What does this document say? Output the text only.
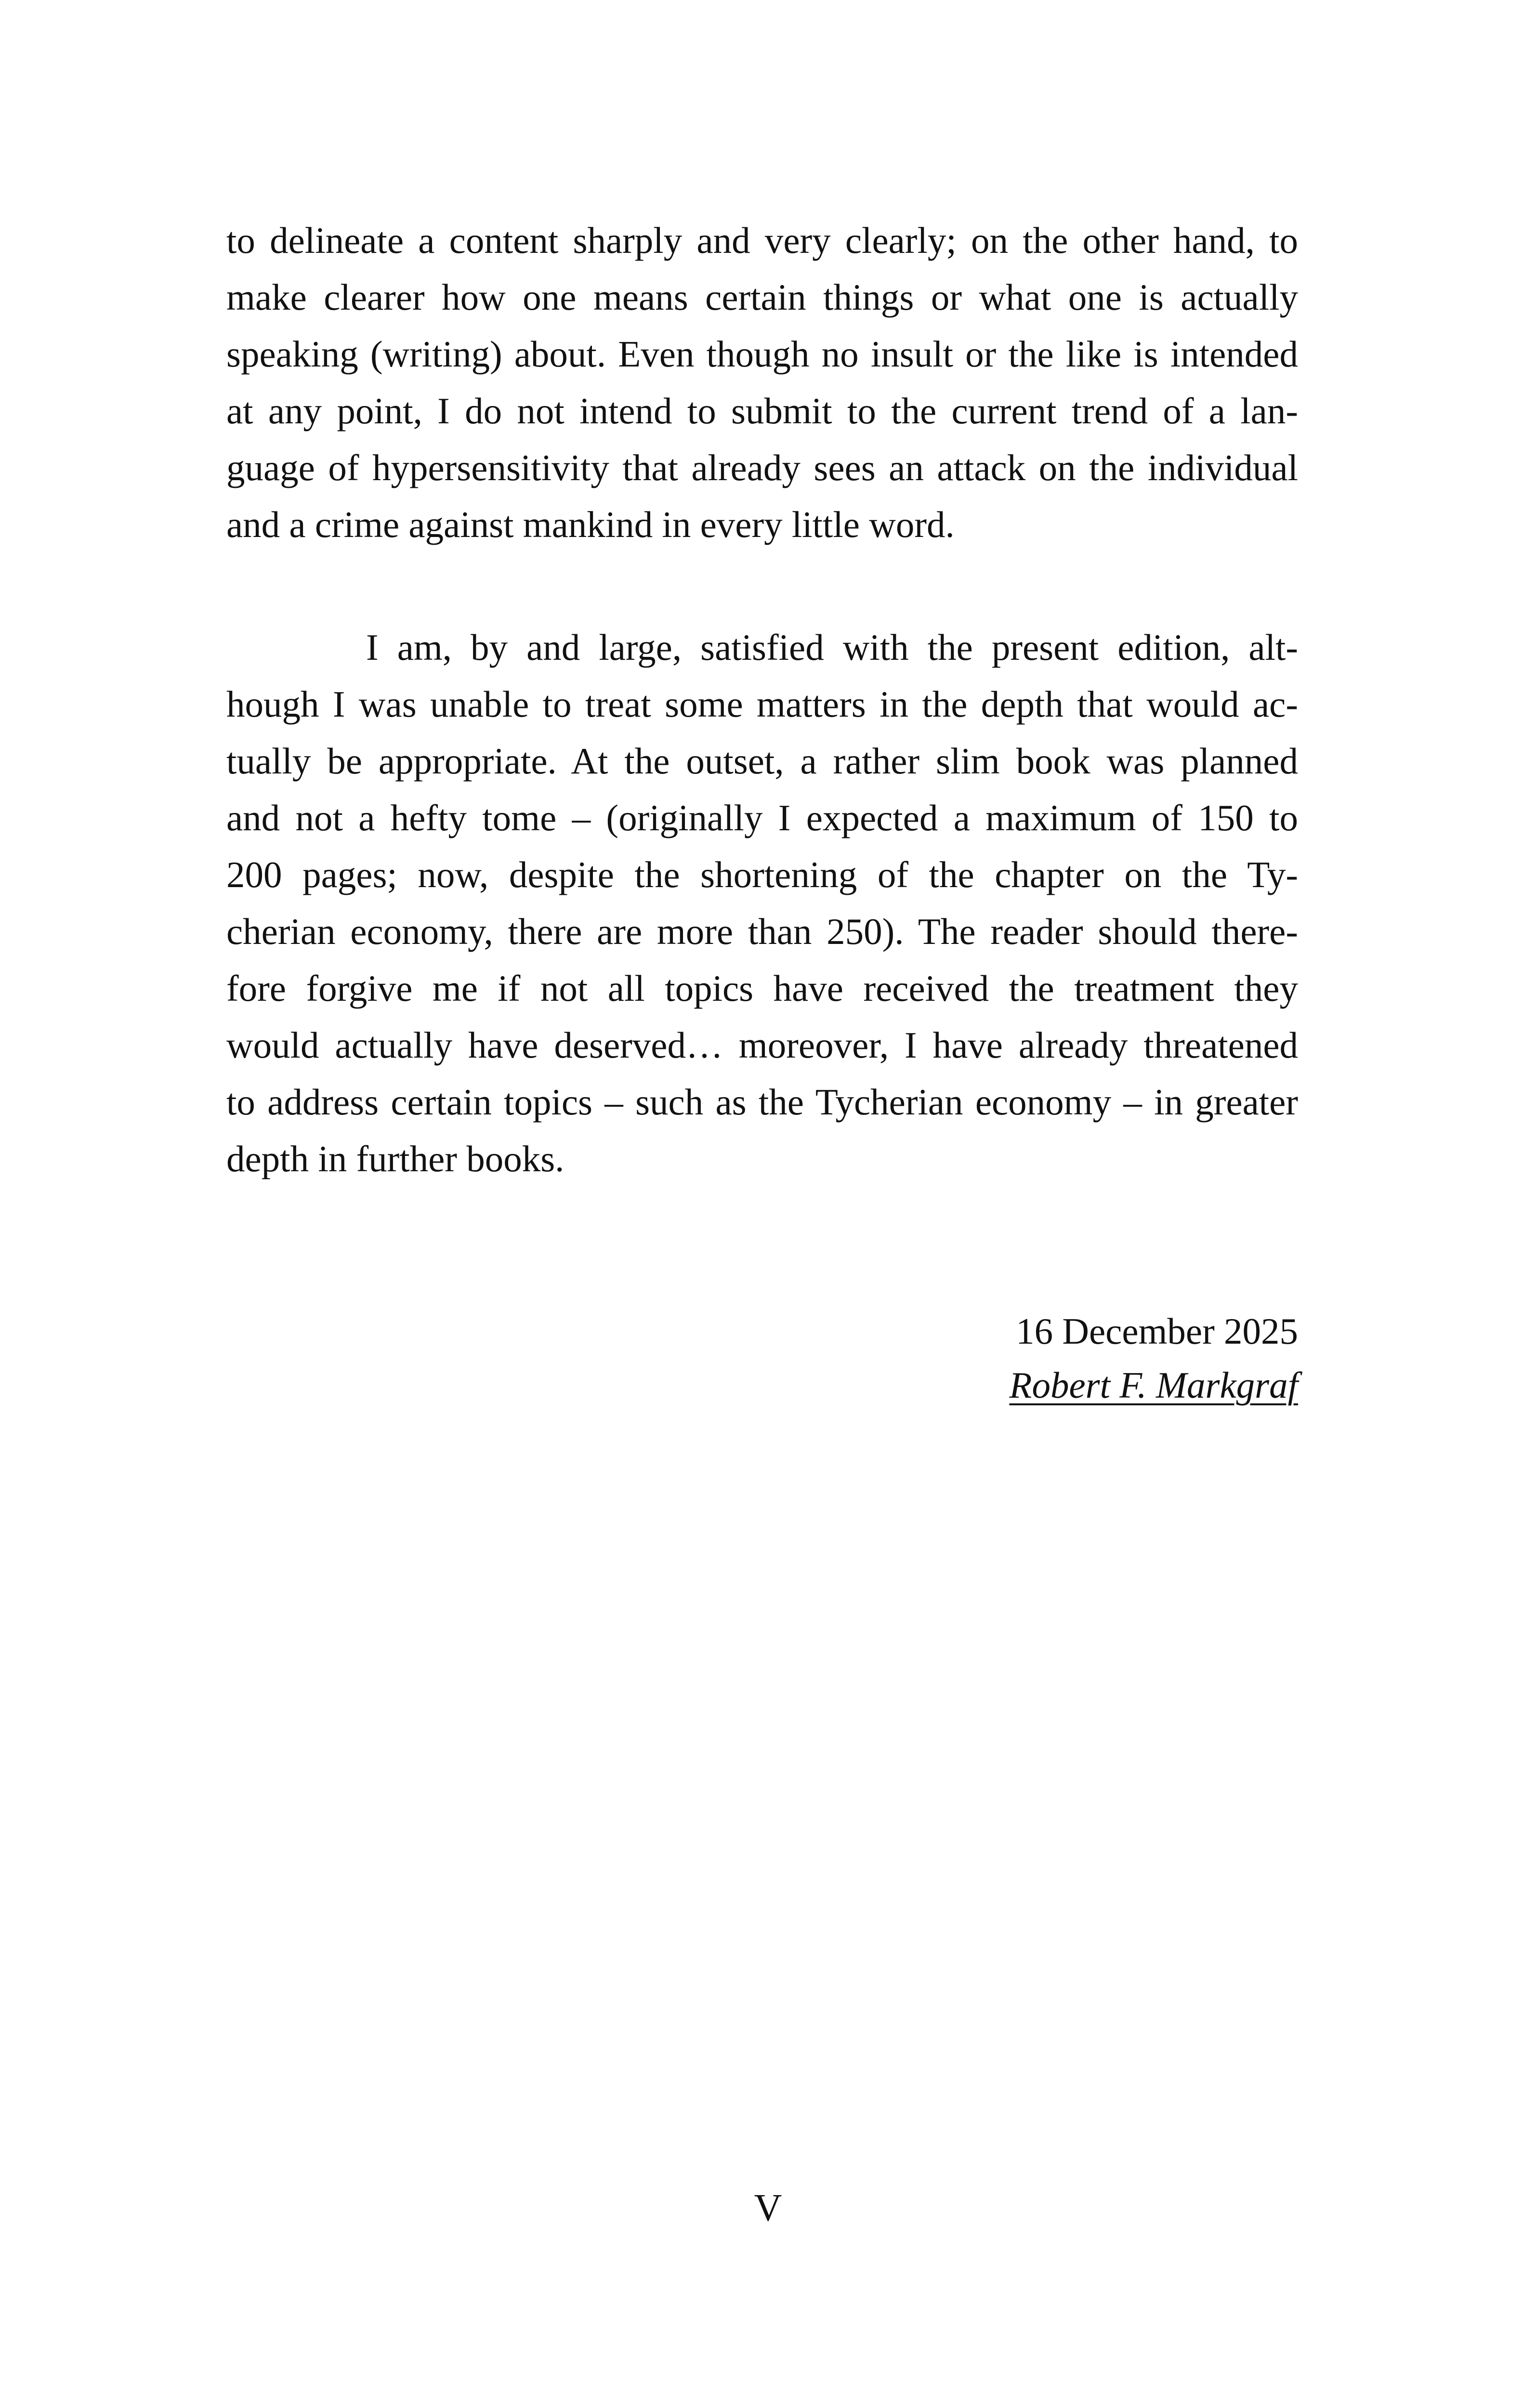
to delineate a content sharply and very clearly; on the other hand, to
make clearer how one means certain things or what one is actually
speaking (writing) about. Even though no insult or the like is intended
at any point, I do not intend to submit to the current trend of a lan-
guage of hypersensitivity that already sees an attack on the individual
and a crime against mankind in every little word.
I am, by and large, satisfied with the present edition, alt-
hough I was unable to treat some matters in the depth that would ac-
tually be appropriate. At the outset, a rather slim book was planned
and not a hefty tome – (originally I expected a maximum of 150 to
200 pages; now, despite the shortening of the chapter on the Ty-
cherian economy, there are more than 250). The reader should there-
fore forgive me if not all topics have received the treatment they
would actually have deserved… moreover, I have already threatened
to address certain topics – such as the Tycherian economy – in greater
depth in further books.
16 December 2025
Robert F. Markgraf
V
